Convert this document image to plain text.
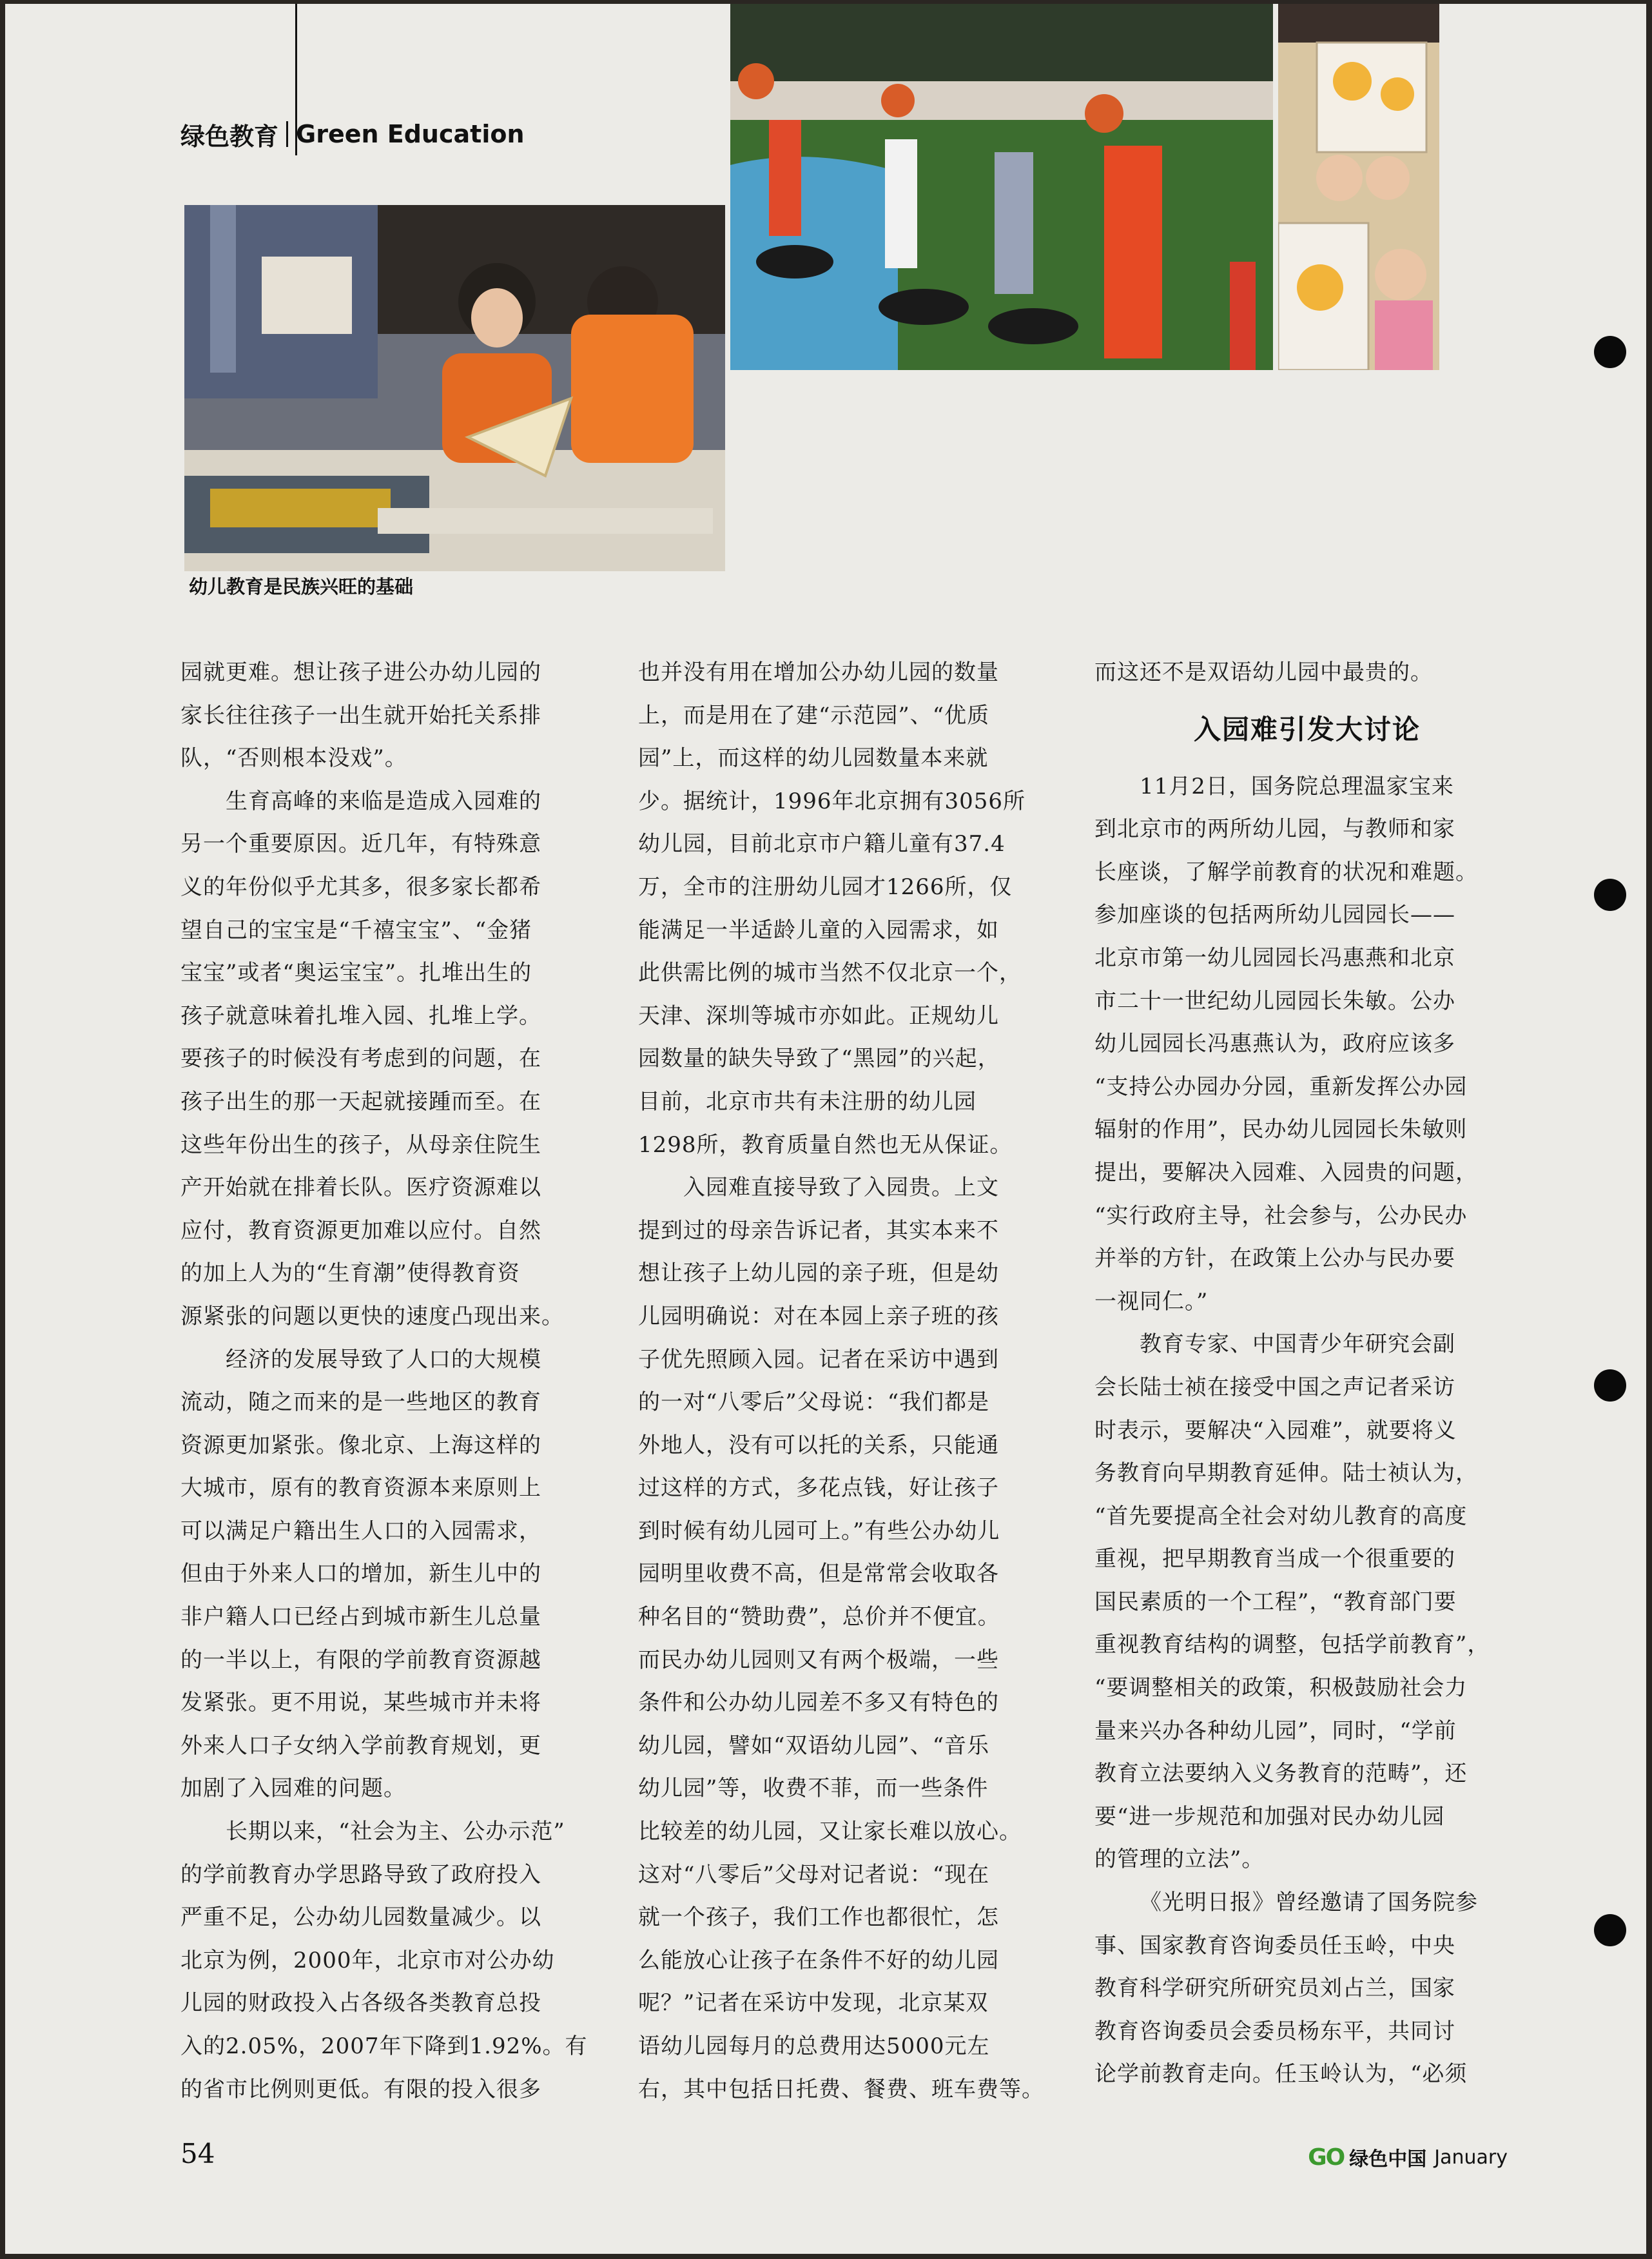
绿色教育 Green Education
幼儿教育是民族兴旺的基础
园就更难。想让孩子进公办幼儿园的
家长往往孩子一出生就开始托关系排
队，“否则根本没戏”。
生育高峰的来临是造成入园难的
另一个重要原因。近几年，有特殊意
义的年份似乎尤其多，很多家长都希
望自己的宝宝是“千禧宝宝”、“金猪
宝宝”或者“奥运宝宝”。扎堆出生的
孩子就意味着扎堆入园、扎堆上学。
要孩子的时候没有考虑到的问题，在
孩子出生的那一天起就接踵而至。在
这些年份出生的孩子，从母亲住院生
产开始就在排着长队。医疗资源难以
应付，教育资源更加难以应付。自然
的加上人为的“生育潮”使得教育资
源紧张的问题以更快的速度凸现出来。
经济的发展导致了人口的大规模
流动，随之而来的是一些地区的教育
资源更加紧张。像北京、上海这样的
大城市，原有的教育资源本来原则上
可以满足户籍出生人口的入园需求，
但由于外来人口的增加，新生儿中的
非户籍人口已经占到城市新生儿总量
的一半以上，有限的学前教育资源越
发紧张。更不用说，某些城市并未将
外来人口子女纳入学前教育规划，更
加剧了入园难的问题。
长期以来，“社会为主、公办示范”
的学前教育办学思路导致了政府投入
严重不足，公办幼儿园数量减少。以
北京为例，2000年，北京市对公办幼
儿园的财政投入占各级各类教育总投
入的2.05%，2007年下降到1.92%。有
的省市比例则更低。有限的投入很多
也并没有用在增加公办幼儿园的数量
上，而是用在了建“示范园”、“优质
园”上，而这样的幼儿园数量本来就
少。据统计，1996年北京拥有3056所
幼儿园，目前北京市户籍儿童有37.4
万，全市的注册幼儿园才1266所，仅
能满足一半适龄儿童的入园需求，如
此供需比例的城市当然不仅北京一个，
天津、深圳等城市亦如此。正规幼儿
园数量的缺失导致了“黑园”的兴起，
目前，北京市共有未注册的幼儿园
1298所，教育质量自然也无从保证。
入园难直接导致了入园贵。上文
提到过的母亲告诉记者，其实本来不
想让孩子上幼儿园的亲子班，但是幼
儿园明确说：对在本园上亲子班的孩
子优先照顾入园。记者在采访中遇到
的一对“八零后”父母说：“我们都是
外地人，没有可以托的关系，只能通
过这样的方式，多花点钱，好让孩子
到时候有幼儿园可上。”有些公办幼儿
园明里收费不高，但是常常会收取各
种名目的“赞助费”，总价并不便宜。
而民办幼儿园则又有两个极端，一些
条件和公办幼儿园差不多又有特色的
幼儿园，譬如“双语幼儿园”、“音乐
幼儿园”等，收费不菲，而一些条件
比较差的幼儿园，又让家长难以放心。
这对“八零后”父母对记者说：“现在
就一个孩子，我们工作也都很忙，怎
么能放心让孩子在条件不好的幼儿园
呢？”记者在采访中发现，北京某双
语幼儿园每月的总费用达5000元左
右，其中包括日托费、餐费、班车费等。
而这还不是双语幼儿园中最贵的。
入园难引发大讨论
11月2日，国务院总理温家宝来
到北京市的两所幼儿园，与教师和家
长座谈，了解学前教育的状况和难题。
参加座谈的包括两所幼儿园园长——
北京市第一幼儿园园长冯惠燕和北京
市二十一世纪幼儿园园长朱敏。公办
幼儿园园长冯惠燕认为，政府应该多
“支持公办园办分园，重新发挥公办园
辐射的作用”，民办幼儿园园长朱敏则
提出，要解决入园难、入园贵的问题，
“实行政府主导，社会参与，公办民办
并举的方针，在政策上公办与民办要
一视同仁。”
教育专家、中国青少年研究会副
会长陆士祯在接受中国之声记者采访
时表示，要解决“入园难”，就要将义
务教育向早期教育延伸。陆士祯认为，
“首先要提高全社会对幼儿教育的高度
重视，把早期教育当成一个很重要的
国民素质的一个工程”，“教育部门要
重视教育结构的调整，包括学前教育”，
“要调整相关的政策，积极鼓励社会力
量来兴办各种幼儿园”，同时，“学前
教育立法要纳入义务教育的范畴”，还
要“进一步规范和加强对民办幼儿园
的管理的立法”。
《光明日报》曾经邀请了国务院参
事、国家教育咨询委员任玉岭，中央
教育科学研究所研究员刘占兰，国家
教育咨询委员会委员杨东平，共同讨
论学前教育走向。任玉岭认为，“必须
54	GO 绿色中国 January
